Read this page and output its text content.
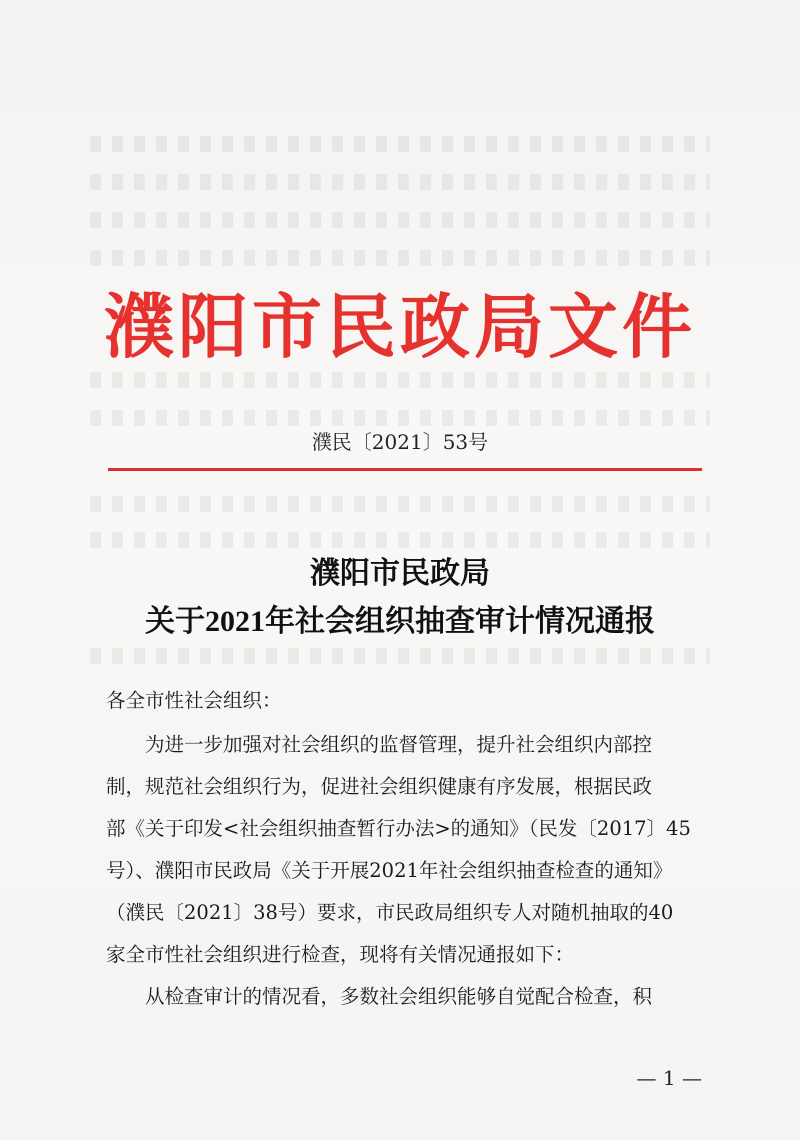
濮阳市民政局文件
濮民〔2021〕53号
濮阳市民政局
关于2021年社会组织抽查审计情况通报
各全市性社会组织：
　　为进一步加强对社会组织的监督管理，提升社会组织内部控
制，规范社会组织行为，促进社会组织健康有序发展，根据民政
部《关于印发<社会组织抽查暂行办法>的通知》（民发〔2017〕45
号）、濮阳市民政局《关于开展2021年社会组织抽查检查的通知》
（濮民〔2021〕38号）要求，市民政局组织专人对随机抽取的40
家全市性社会组织进行检查，现将有关情况通报如下：
　　从检查审计的情况看，多数社会组织能够自觉配合检查，积
— 1 —
